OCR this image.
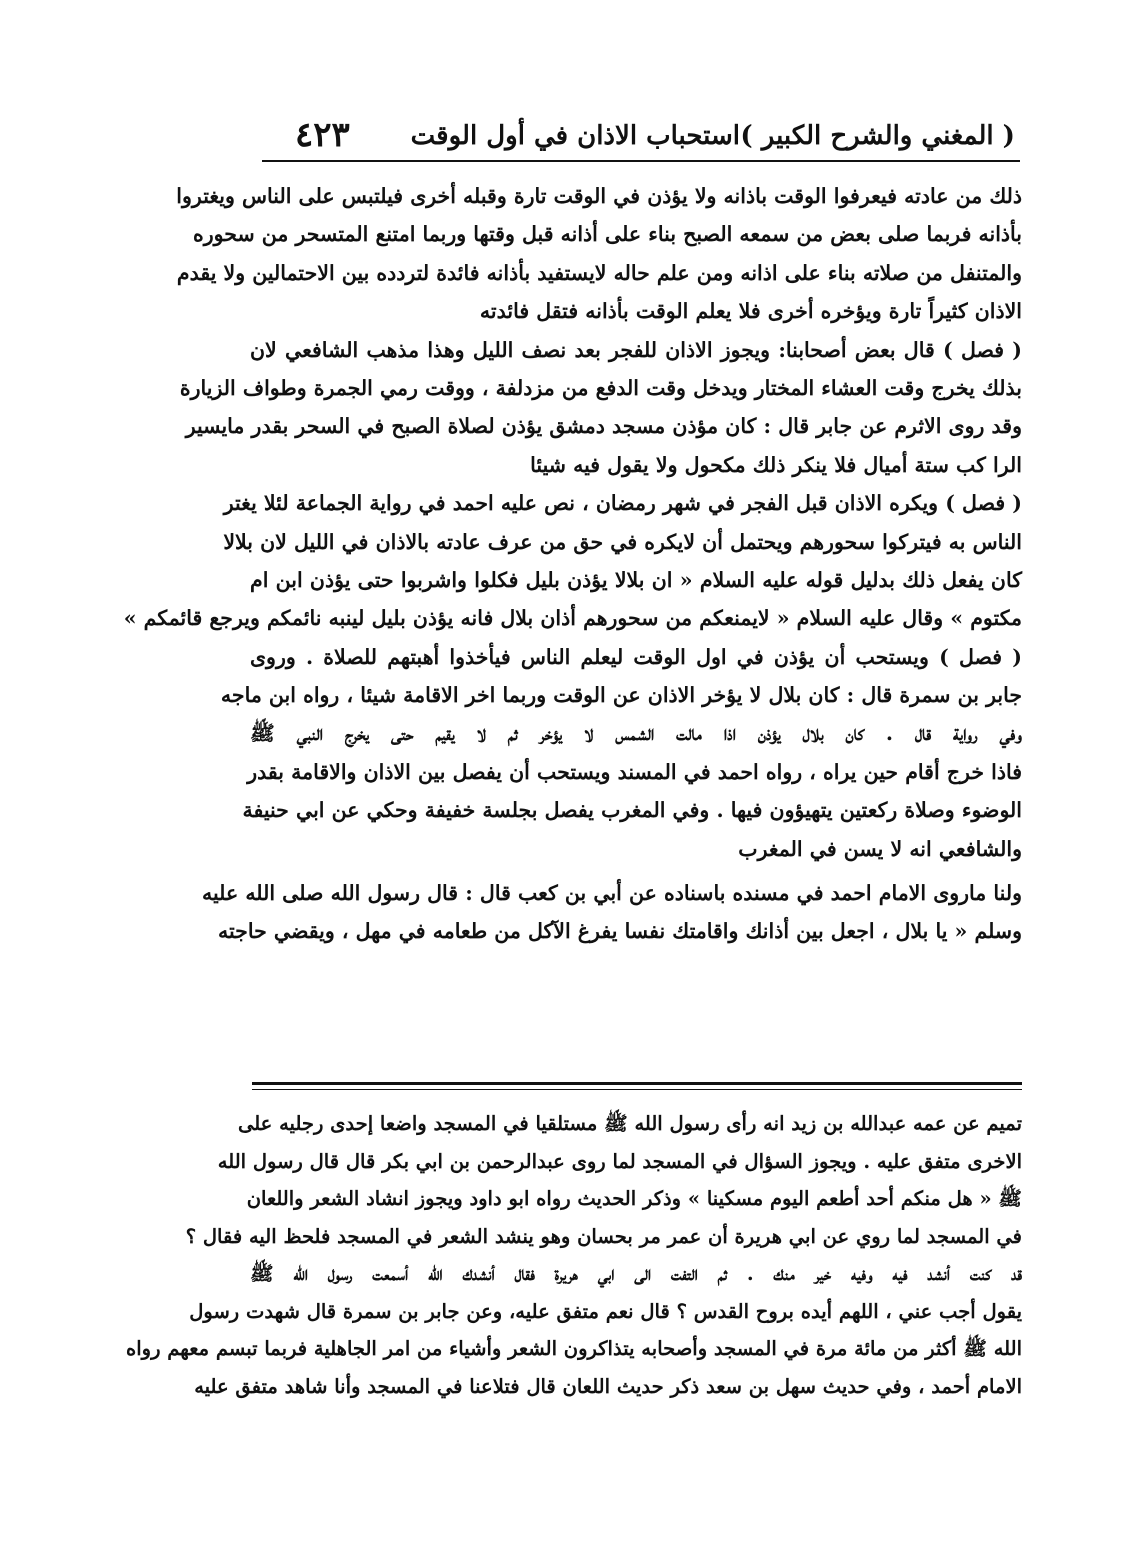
( المغني والشرح الكبير )
استحباب الاذان في أول الوقت
٤٢٣
ذلك من عادته فيعرفوا الوقت باذانه ولا يؤذن في الوقت تارة وقبله أخرى فيلتبس على الناس ويغتروا
بأذانه فربما صلى بعض من سمعه الصبح بناء على أذانه قبل وقتها وربما امتنع المتسحر من سحوره
والمتنفل من صلاته بناء على اذانه ومن علم حاله لايستفيد بأذانه فائدة لتردده بين الاحتمالين ولا يقدم
الاذان كثيراً تارة ويؤخره أخرى فلا يعلم الوقت بأذانه فتقل فائدته
( فصل ) قال بعض أصحابنا: ويجوز الاذان للفجر بعد نصف الليل وهذا مذهب الشافعي لان
بذلك يخرج وقت العشاء المختار ويدخل وقت الدفع من مزدلفة ، ووقت رمي الجمرة وطواف الزيارة
وقد روى الاثرم عن جابر قال : كان مؤذن مسجد دمشق يؤذن لصلاة الصبح في السحر بقدر مايسير
الرا كب ستة أميال فلا ينكر ذلك مكحول ولا يقول فيه شيئا
( فصل ) ويكره الاذان قبل الفجر في شهر رمضان ، نص عليه احمد في رواية الجماعة لئلا يغتر
الناس به فيتركوا سحورهم ويحتمل أن لايكره في حق من عرف عادته بالاذان في الليل لان بلالا
كان يفعل ذلك بدليل قوله عليه السلام « ان بلالا يؤذن بليل فكلوا واشربوا حتى يؤذن ابن ام
مكتوم » وقال عليه السلام « لايمنعكم من سحورهم أذان بلال فانه يؤذن بليل لينبه نائمكم ويرجع قائمكم »
( فصل ) ويستحب أن يؤذن في اول الوقت ليعلم الناس فيأخذوا أهبتهم للصلاة . وروى
جابر بن سمرة قال : كان بلال لا يؤخر الاذان عن الوقت وربما اخر الاقامة شيئا ، رواه ابن ماجه
وفي رواية قال . كان بلال يؤذن اذا مالت الشمس لا يؤخر ثم لا يقيم حتى يخرج النبي ﷺ
فاذا خرج أقام حين يراه ، رواه احمد في المسند ويستحب أن يفصل بين الاذان والاقامة بقدر
الوضوء وصلاة ركعتين يتهيؤون فيها . وفي المغرب يفصل بجلسة خفيفة وحكي عن ابي حنيفة
والشافعي انه لا يسن في المغرب
ولنا ماروى الامام احمد في مسنده باسناده عن أبي بن كعب قال : قال رسول الله صلى الله عليه
وسلم « يا بلال ، اجعل بين أذانك واقامتك نفسا يفرغ الآكل من طعامه في مهل ، ويقضي حاجته
تميم عن عمه عبدالله بن زيد انه رأى رسول الله ﷺ مستلقيا في المسجد واضعا إحدى رجليه على
الاخرى متفق عليه . ويجوز السؤال في المسجد لما روى عبدالرحمن بن ابي بكر قال قال رسول الله
ﷺ « هل منكم أحد أطعم اليوم مسكينا » وذكر الحديث رواه ابو داود ويجوز انشاد الشعر واللعان
في المسجد لما روي عن ابي هريرة أن عمر مر بحسان وهو ينشد الشعر في المسجد فلحظ اليه فقال ؟
قد كنت أنشد فيه وفيه خير منك . ثم التفت الى ابي هريرة فقال أنشدك الله أسمعت رسول الله ﷺ
يقول أجب عني ، اللهم أيده بروح القدس ؟ قال نعم متفق عليه، وعن جابر بن سمرة قال شهدت رسول
الله ﷺ أكثر من مائة مرة في المسجد وأصحابه يتذاكرون الشعر وأشياء من امر الجاهلية فربما تبسم معهم رواه
الامام أحمد ، وفي حديث سهل بن سعد ذكر حديث اللعان قال فتلاعنا في المسجد وأنا شاهد متفق عليه
